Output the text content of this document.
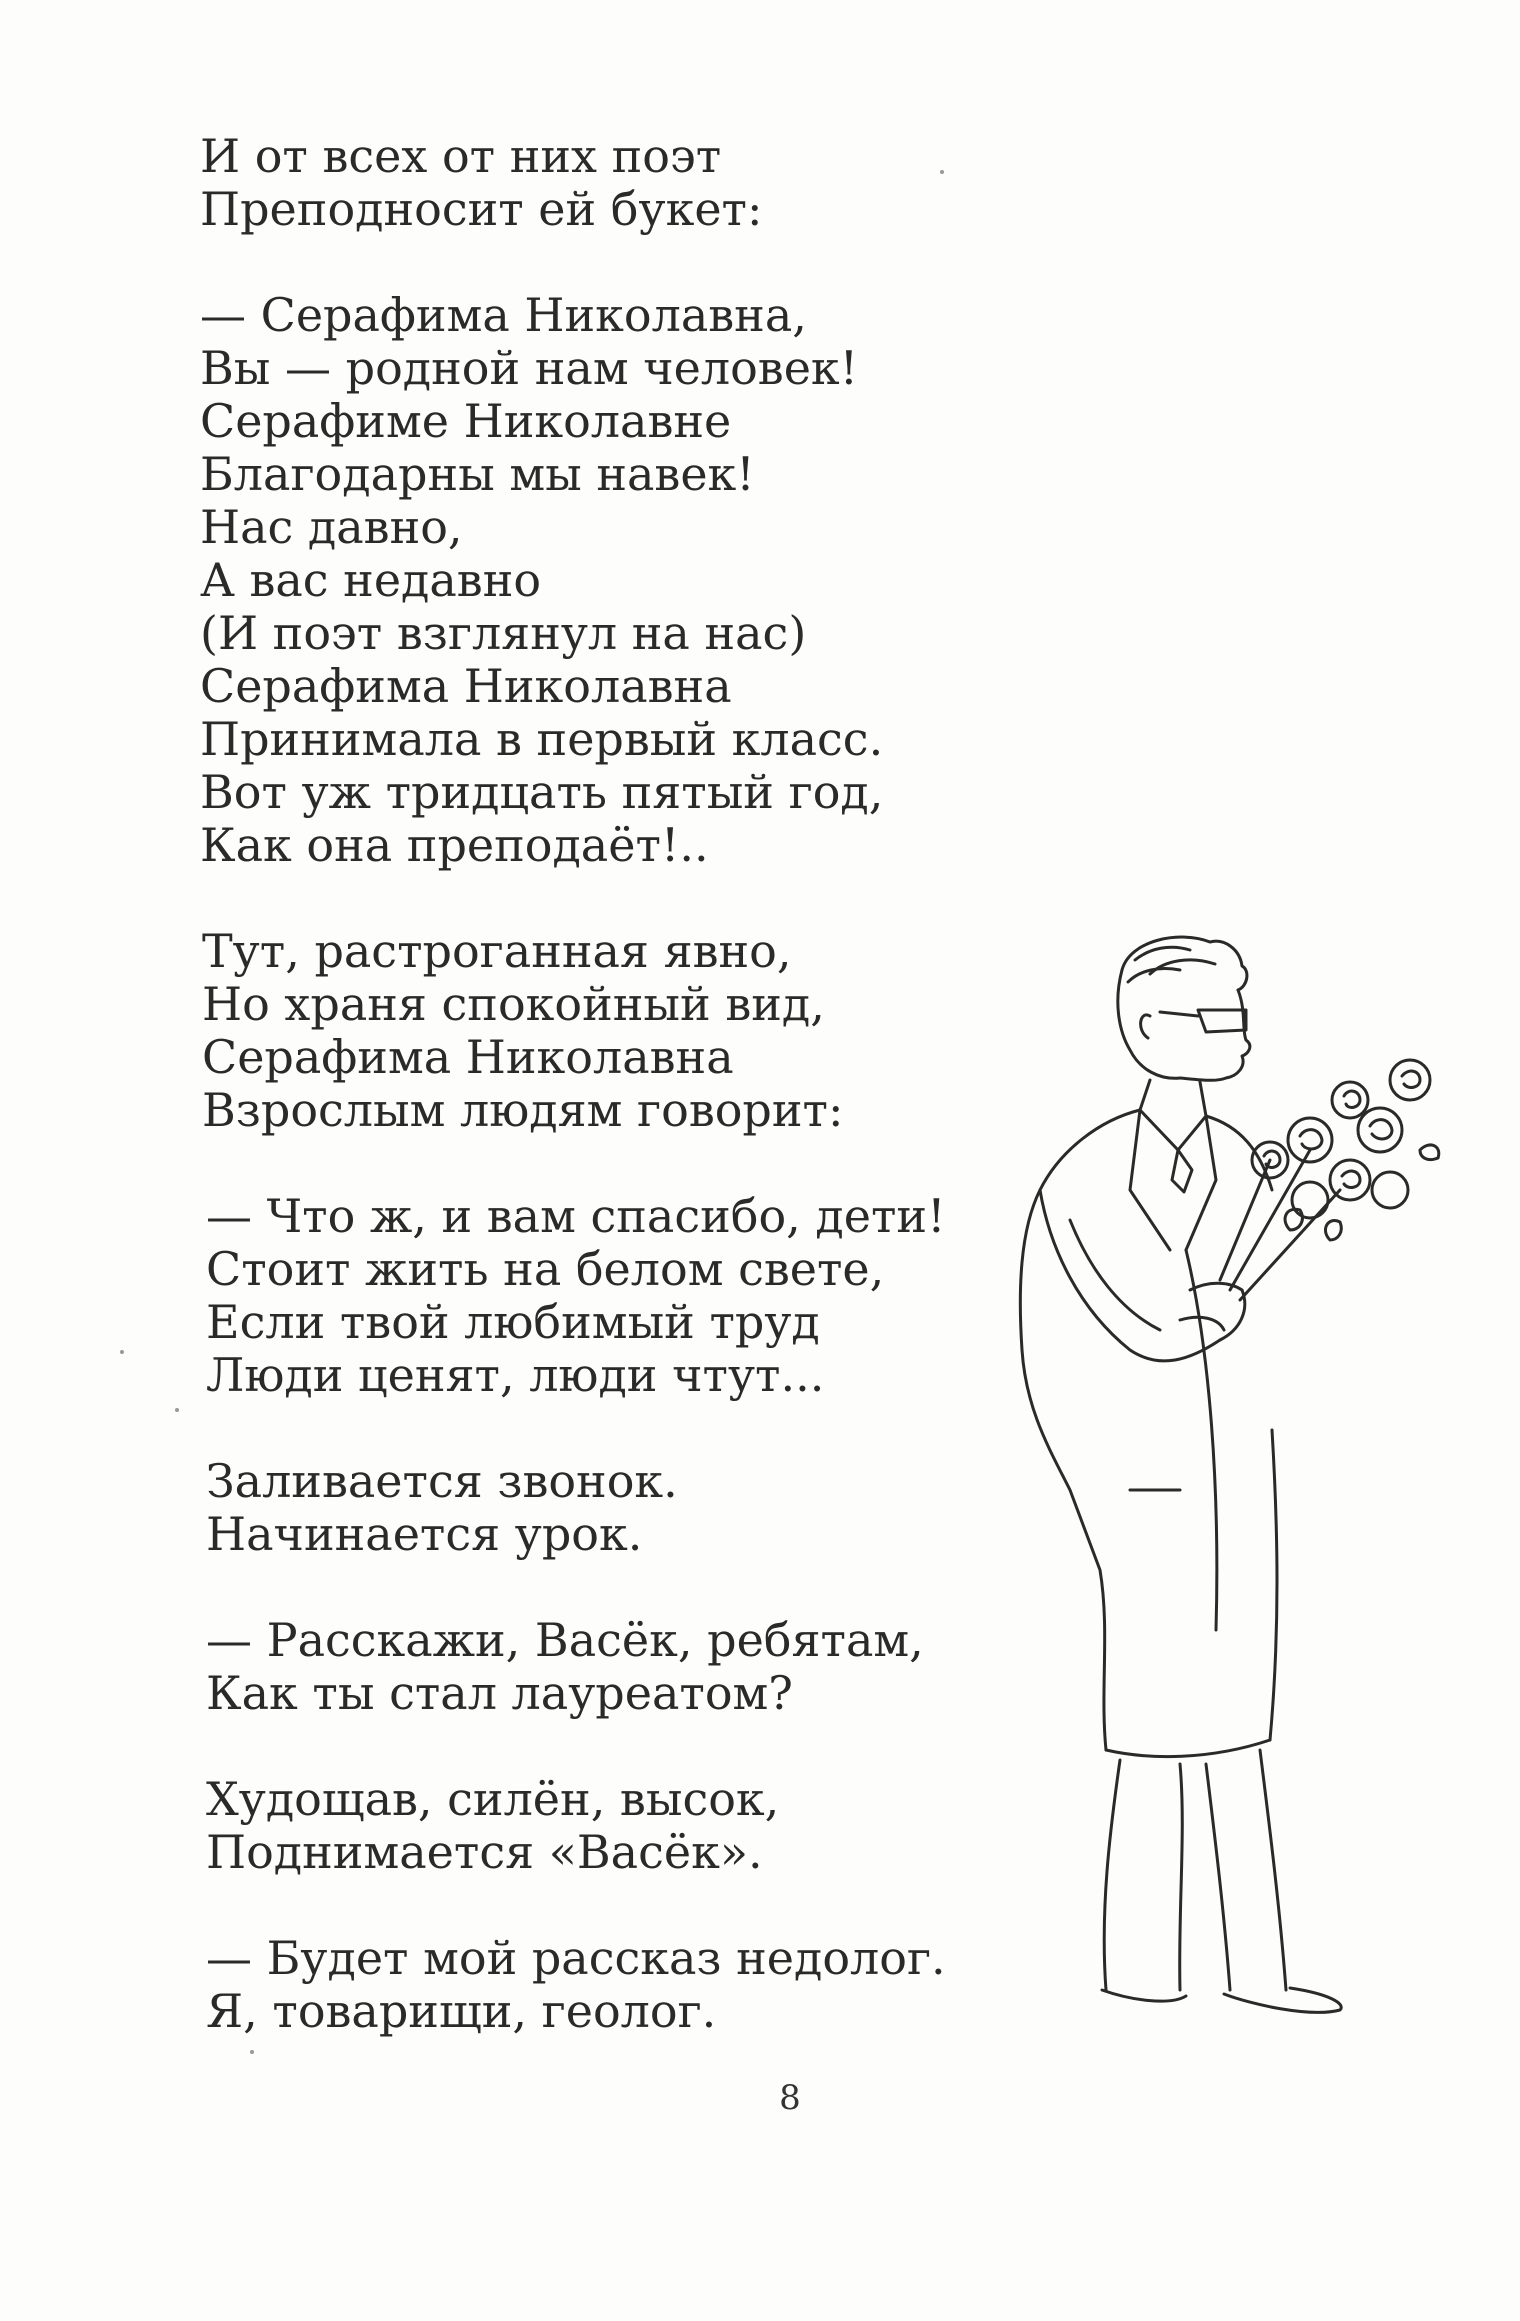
И от всех от них поэт
Преподносит ей букет:
— Серафима Николавна,
Вы — родной нам человек!
Серафиме Николавне
Благодарны мы навек!
Нас давно,
А вас недавно
(И поэт взглянул на нас)
Серафима Николавна
Принимала в первый класс.
Вот уж тридцать пятый год,
Как она преподаёт!..
Тут, растроганная явно,
Но храня спокойный вид,
Серафима Николавна
Взрослым людям говорит:
— Что ж, и вам спасибо, дети!
Стоит жить на белом свете,
Если твой любимый труд
Люди ценят, люди чтут...
Заливается звонок.
Начинается урок.
— Расскажи, Васёк, ребятам,
Как ты стал лауреатом?
Худощав, силён, высок,
Поднимается «Васёк».
— Будет мой рассказ недолог.
Я, товарищи, геолог.
8
